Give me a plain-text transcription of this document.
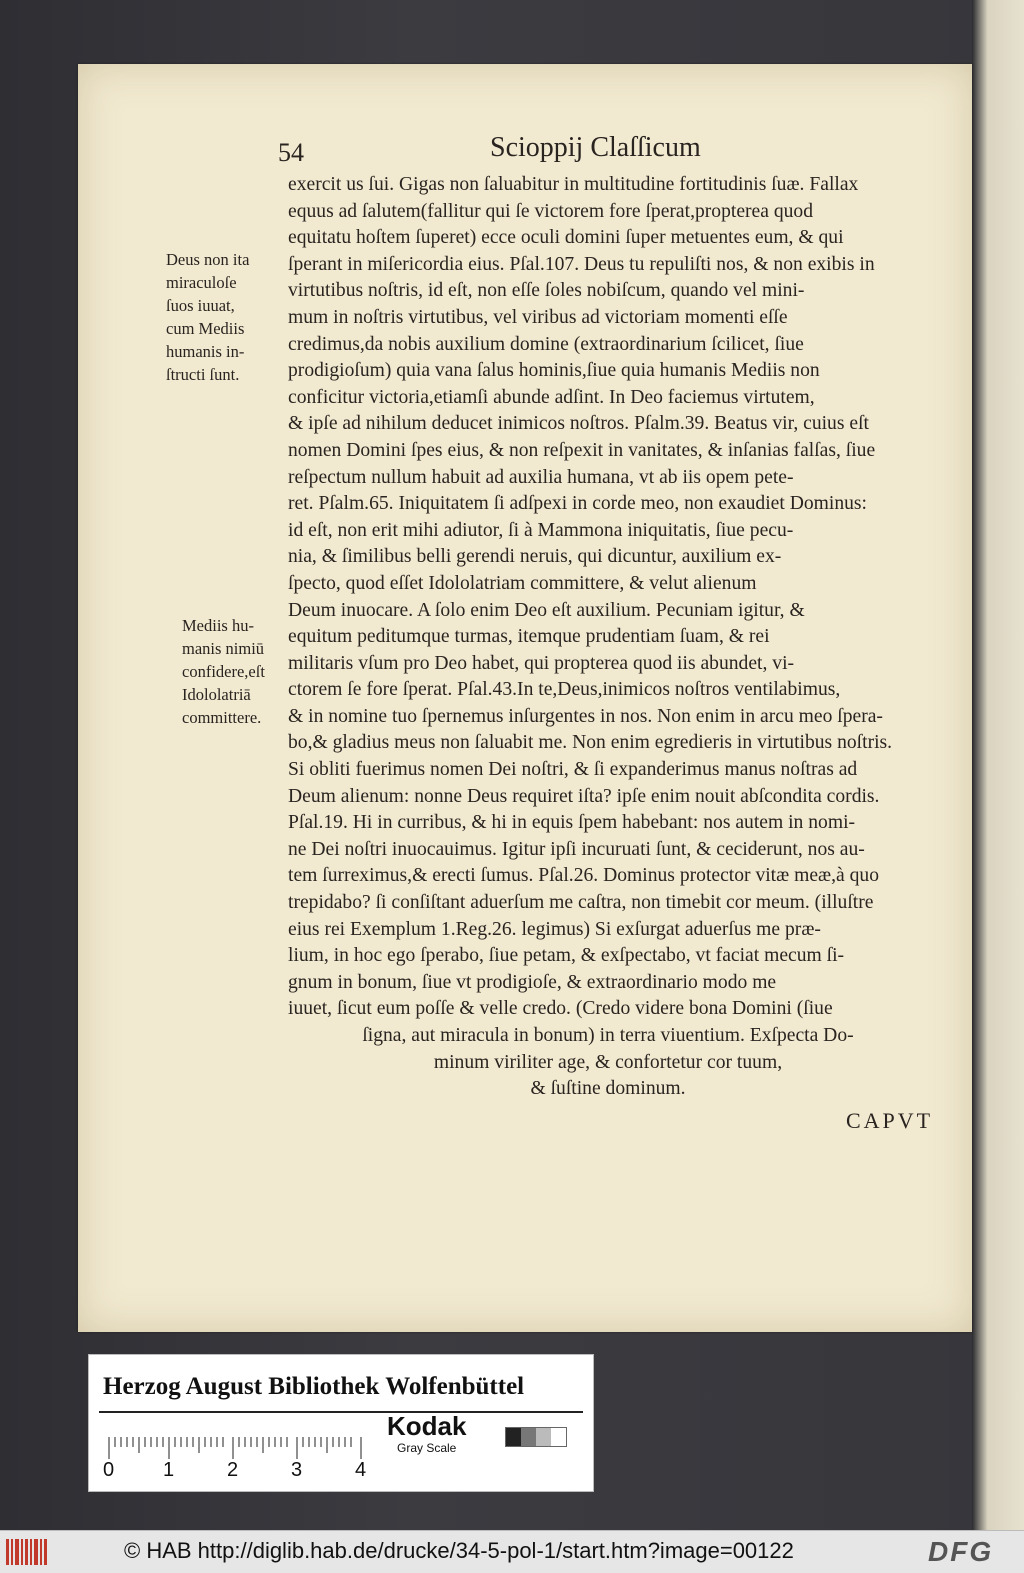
54	Scioppij Claſſicum
Deus non ita
miraculoſe
ſuos iuuat,
cum Mediis
humanis in-
ſtructi ſunt.
Mediis hu-
manis nimiū
confidere,eſt
Idololatriā
committere.
exercit us ſui. Gigas non ſaluabitur in multitudine fortitudinis ſuæ. Fallax
equus ad ſalutem(fallitur qui ſe victorem fore ſperat,propterea quod
equitatu hoſtem ſuperet) ecce oculi domini ſuper metuentes eum, & qui
ſperant in miſericordia eius. Pſal.107. Deus tu repuliſti nos, & non exibis in
virtutibus noſtris, id eſt, non eſſe ſoles nobiſcum, quando vel mini-
mum in noſtris virtutibus, vel viribus ad victoriam momenti eſſe
credimus,da nobis auxilium domine (extraordinarium ſcilicet, ſiue
prodigioſum) quia vana ſalus hominis,ſiue quia humanis Mediis non
conficitur victoria,etiamſi abunde adſint. In Deo faciemus virtutem,
& ipſe ad nihilum deducet inimicos noſtros. Pſalm.39. Beatus vir, cuius eſt
nomen Domini ſpes eius, & non reſpexit in vanitates, & inſanias falſas, ſiue
reſpectum nullum habuit ad auxilia humana, vt ab iis opem pete-
ret. Pſalm.65. Iniquitatem ſi adſpexi in corde meo, non exaudiet Dominus:
id eſt, non erit mihi adiutor, ſi à Mammona iniquitatis, ſiue pecu-
nia, & ſimilibus belli gerendi neruis, qui dicuntur, auxilium ex-
ſpecto, quod eſſet Idololatriam committere, & velut alienum
Deum inuocare. A ſolo enim Deo eſt auxilium. Pecuniam igitur, &
equitum peditumque turmas, itemque prudentiam ſuam, & rei
militaris vſum pro Deo habet, qui propterea quod iis abundet, vi-
ctorem ſe fore ſperat. Pſal.43.In te,Deus,inimicos noſtros ventilabimus,
& in nomine tuo ſpernemus inſurgentes in nos. Non enim in arcu meo ſpera-
bo,& gladius meus non ſaluabit me. Non enim egredieris in virtutibus noſtris.
Si obliti fuerimus nomen Dei noſtri, & ſi expanderimus manus noſtras ad
Deum alienum: nonne Deus requiret iſta? ipſe enim nouit abſcondita cordis.
Pſal.19. Hi in curribus, & hi in equis ſpem habebant: nos autem in nomi-
ne Dei noſtri inuocauimus. Igitur ipſi incuruati ſunt, & ceciderunt, nos au-
tem ſurreximus,& erecti ſumus. Pſal.26. Dominus protector vitæ meæ,à quo
trepidabo? ſi conſiſtant aduerſum me caſtra, non timebit cor meum. (illuſtre
eius rei Exemplum 1.Reg.26. legimus) Si exſurgat aduerſus me præ-
lium, in hoc ego ſperabo, ſiue petam, & exſpectabo, vt faciat mecum ſi-
gnum in bonum, ſiue vt prodigioſe, & extraordinario modo me
iuuet, ſicut eum poſſe & velle credo. (Credo videre bona Domini (ſiue
ſigna, aut miracula in bonum) in terra viuentium. Exſpecta Do-
minum viriliter age, & confortetur cor tuum,
& ſuſtine dominum.
CAPVT
Herzog August Bibliothek Wolfenbüttel
0 1	2	3	4
Kodak
Gray Scale
© HAB http://diglib.hab.de/drucke/34-5-pol-1/start.htm?image=00122	DFG
